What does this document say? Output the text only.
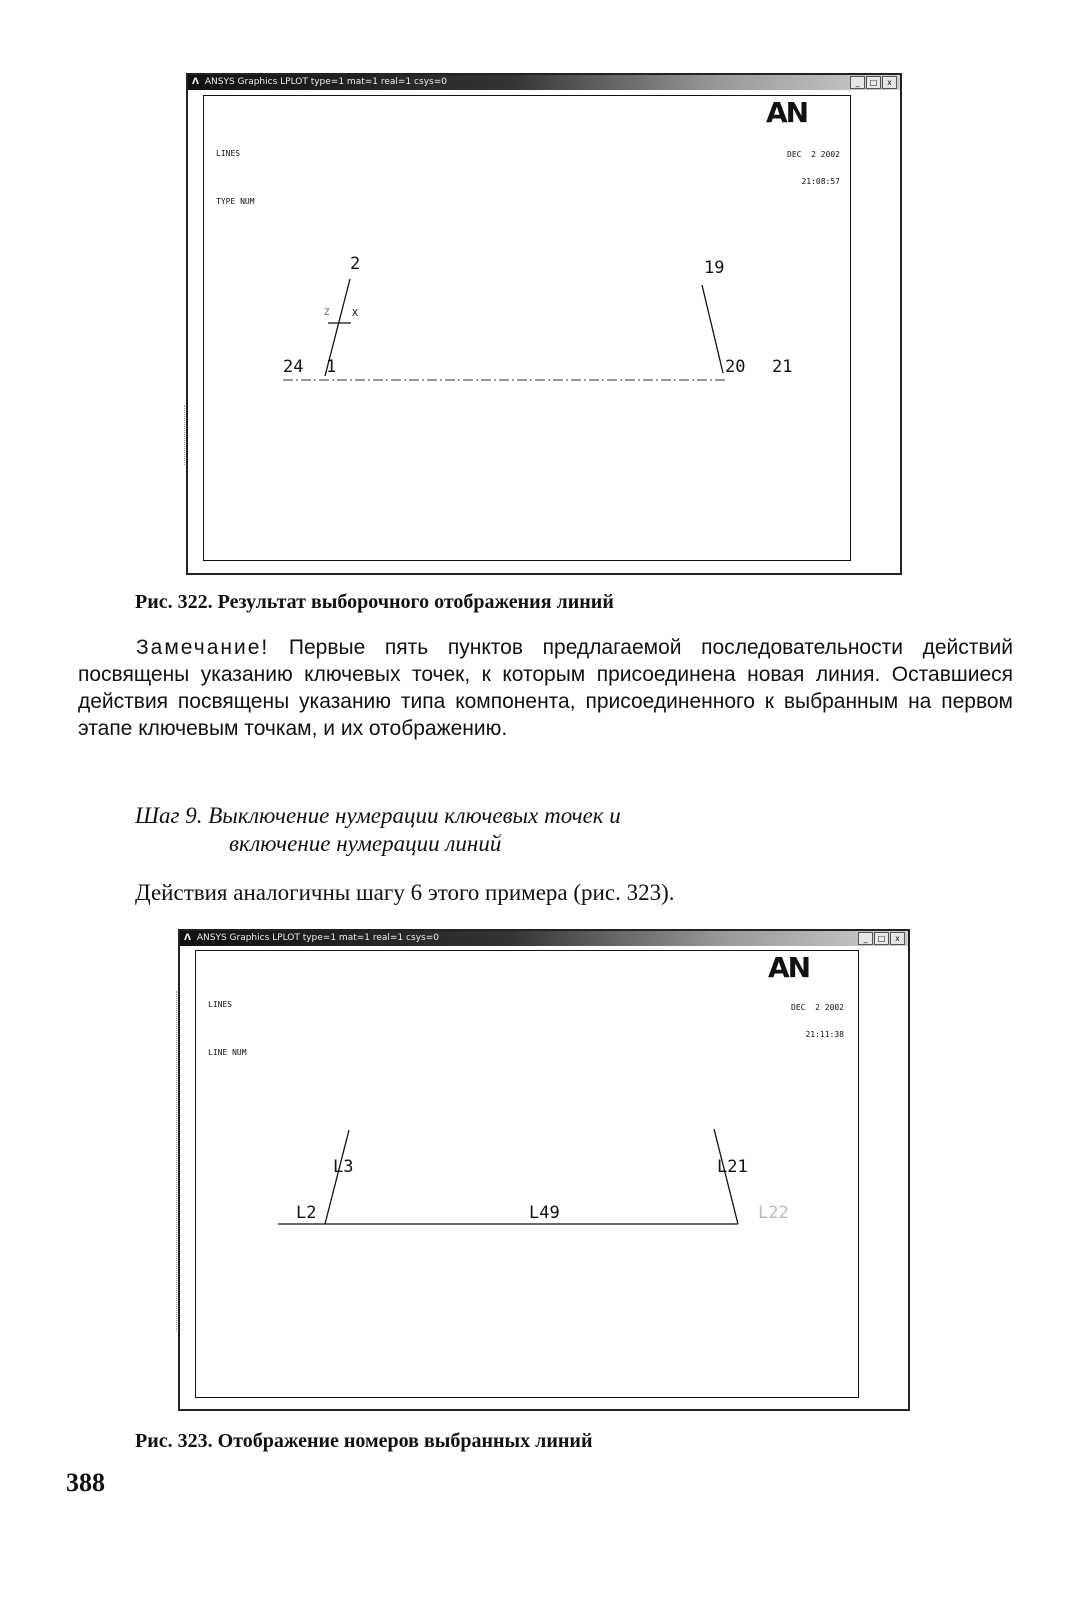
Λ ANSYS Graphics LPLOT type=1 mat=1 real=1 csys=0	_	□	x

LINES

TYPE NUM

AN

DEC  2 2002

21:08:57

2	19
24 1	20 21
Z X
Рис. 322. Результат выборочного отображения линий

Замечание! Первые пять пунктов предлагаемой последовательности действий посвящены указанию ключевых точек, к которым присоединена новая линия. Оставшиеся действия посвящены указанию типа компонента, присоединенного к выбранным на первом этапе ключевым точкам, и их отображению.

Шаг 9. Выключение нумерации ключевых точек и
включение нумерации линий
Действия аналогичны шагу 6 этого примера (рис. 323).
Λ ANSYS Graphics LPLOT type=1 mat=1 real=1 csys=0	_	□	x

LINES

LINE NUM

AN

DEC  2 2002

21:11:38

L3	L21
L2	L49	L22
Рис. 323. Отображение номеров выбранных линий
388
